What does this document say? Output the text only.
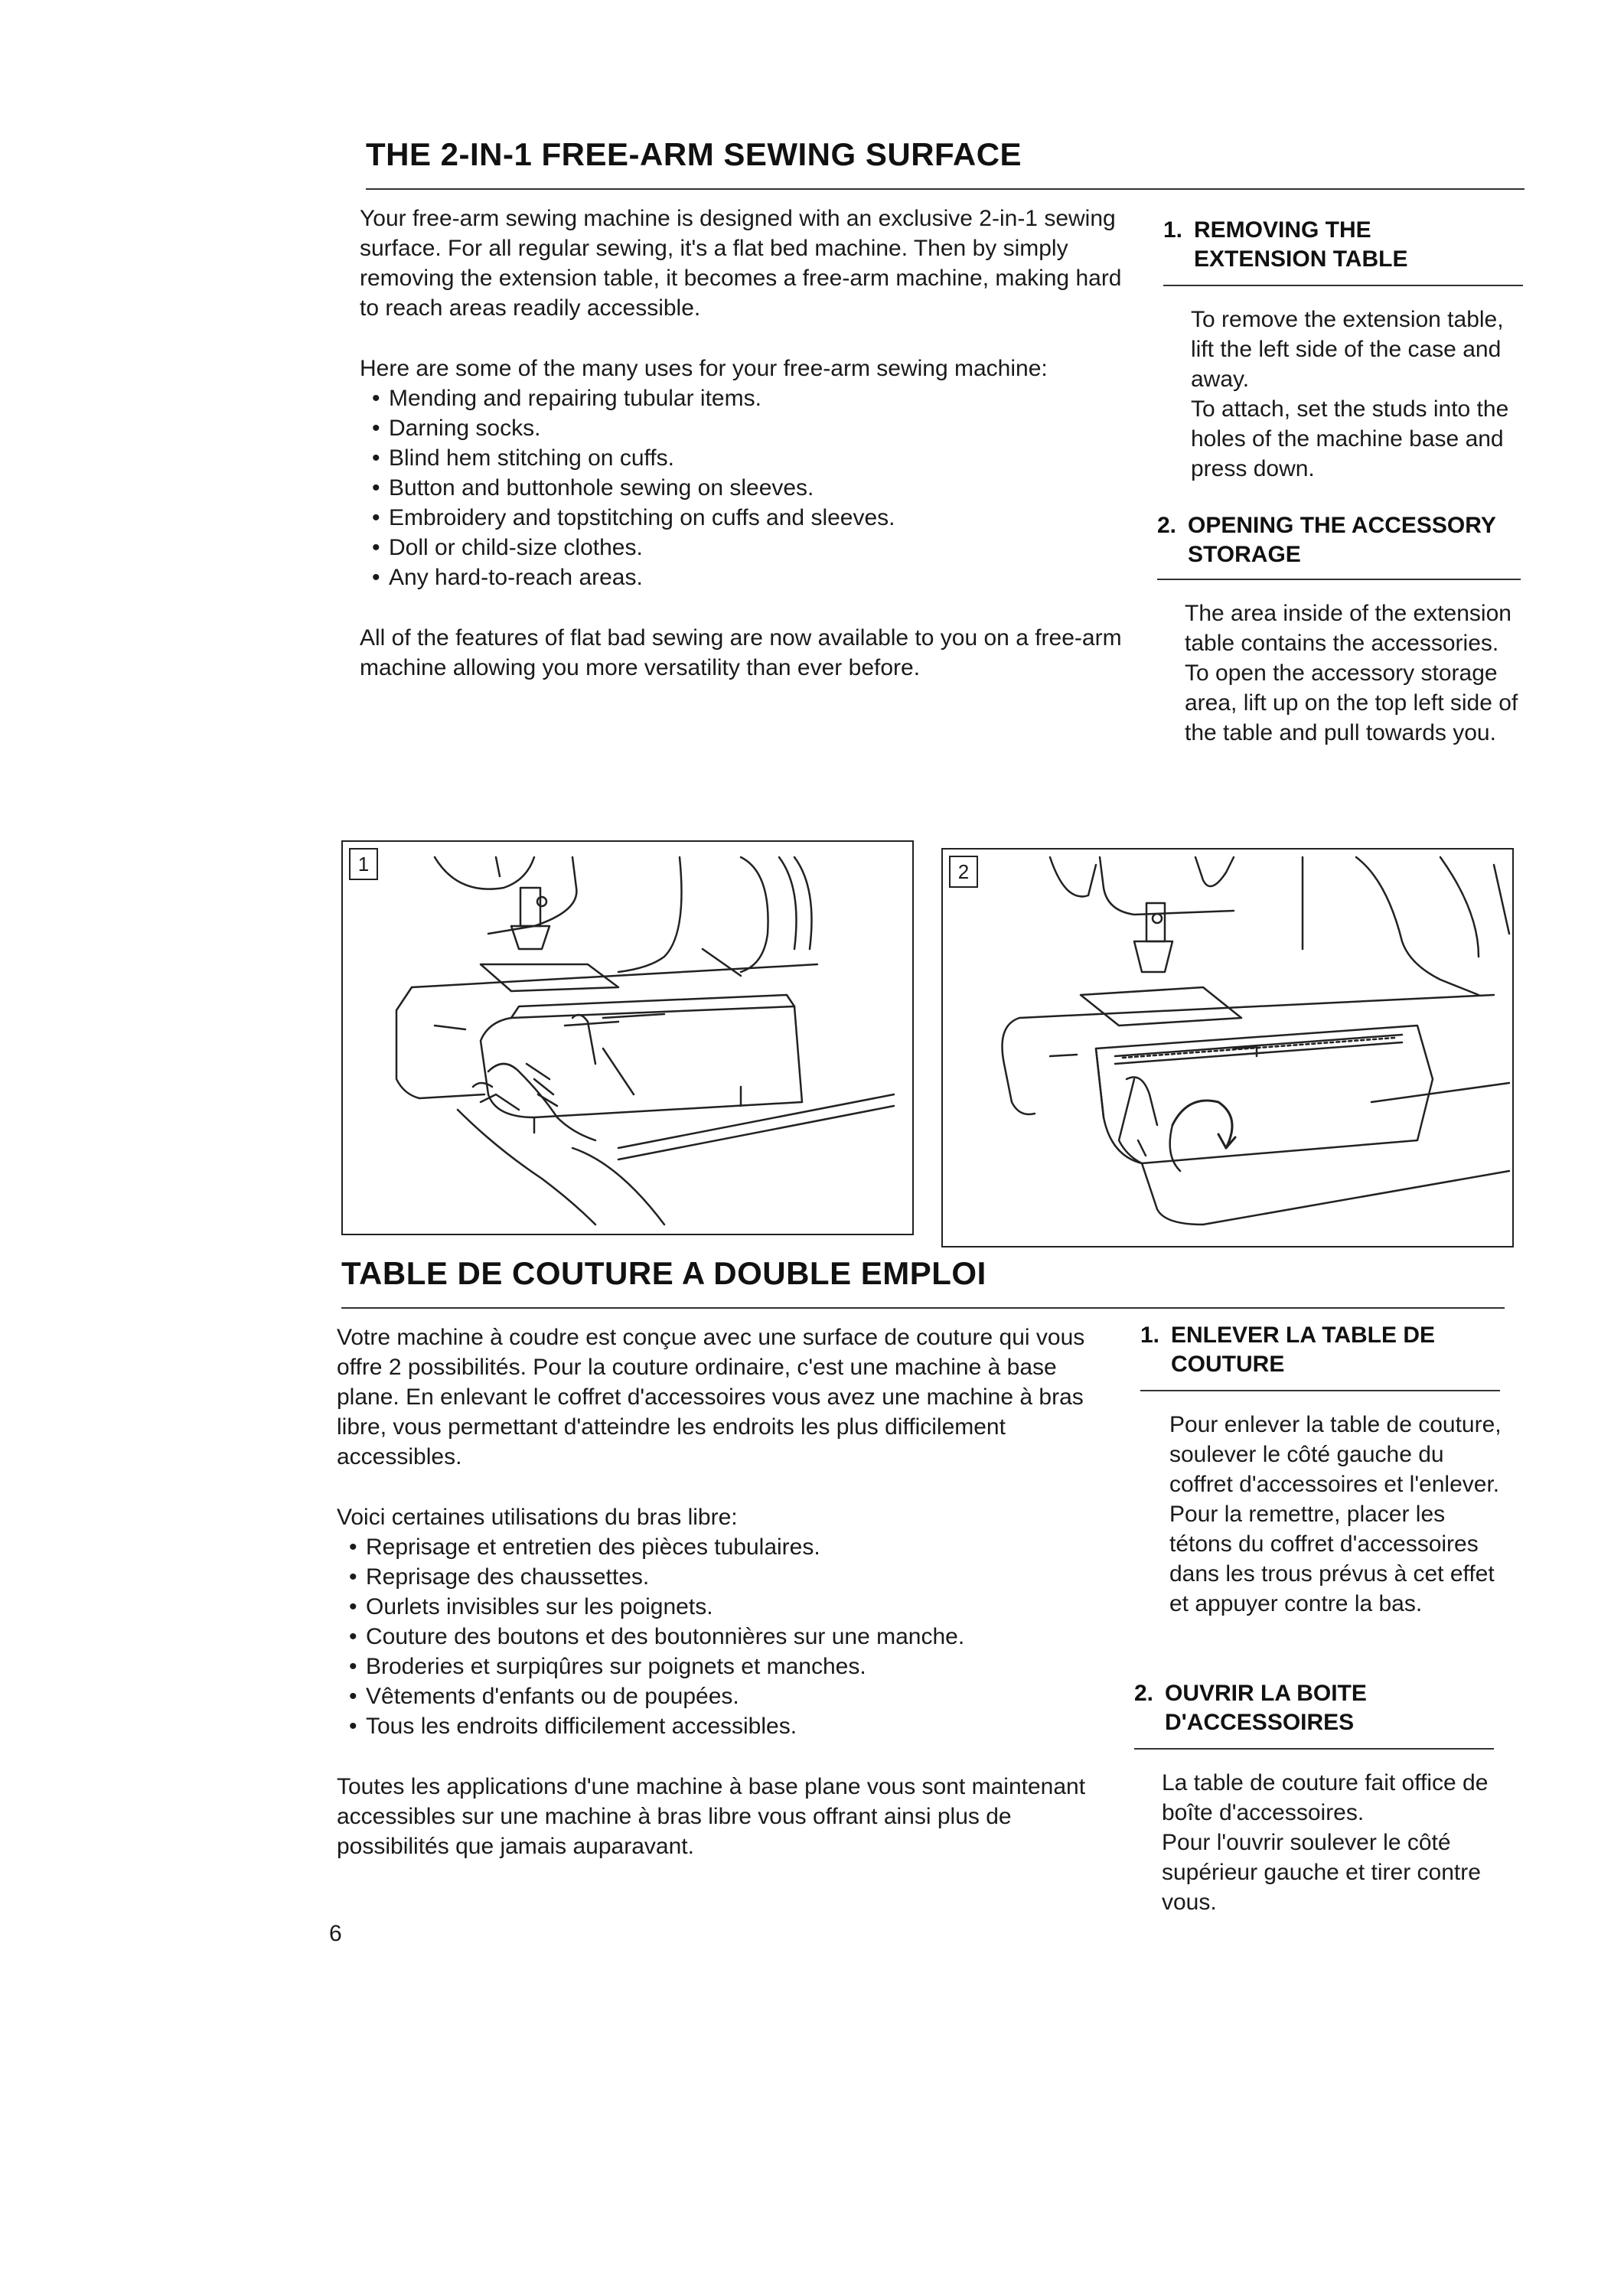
THE 2-IN-1 FREE-ARM SEWING SURFACE

Your free-arm sewing machine is designed with an exclusive 2-in-1 sewing surface. For all regular sewing, it's a flat bed machine. Then by simply removing the extension table, it becomes a free-arm machine, making hard to reach areas readily accessible.

Here are some of the many uses for your free-arm sewing machine:

• Mending and repairing tubular items.
• Darning socks.
• Blind hem stitching on cuffs.
• Button and buttonhole sewing on sleeves.
• Embroidery and topstitching on cuffs and sleeves.
• Doll or child-size clothes.
• Any hard-to-reach areas.

All of the features of flat bad sewing are now available to you on a free-arm machine allowing you more versatility than ever before.

1. REMOVING THE
EXTENSION TABLE

To remove the extension table, lift the left side of the case and away.

To attach, set the studs into the holes of the machine base and press down.

2. OPENING THE ACCESSORY
STORAGE

The area inside of the extension table contains the accessories.

To open the accessory storage area, lift up on the top left side of the table and pull towards you.

1	2
TABLE DE COUTURE A DOUBLE EMPLOI

Votre machine à coudre est conçue avec une surface de couture qui vous offre 2 possibilités. Pour la couture ordinaire, c'est une machine à base plane. En enlevant le coffret d'accessoires vous avez une machine à bras libre, vous permettant d'atteindre les endroits les plus difficilement accessibles.

Voici certaines utilisations du bras libre:

• Reprisage et entretien des pièces tubulaires.
• Reprisage des chaussettes.
• Ourlets invisibles sur les poignets.
• Couture des boutons et des boutonnières sur une manche.
• Broderies et surpiqûres sur poignets et manches.
• Vêtements d'enfants ou de poupées.
• Tous les endroits difficilement accessibles.

Toutes les applications d'une machine à base plane vous sont maintenant accessibles sur une machine à bras libre vous offrant ainsi plus de possibilités que jamais auparavant.

1. ENLEVER LA TABLE DE
COUTURE

Pour enlever la table de couture, soulever le côté gauche du coffret d'accessoires et l'enlever.

Pour la remettre, placer les tétons du coffret d'accessoires dans les trous prévus à cet effet et appuyer contre la bas.

2. OUVRIR LA BOITE
D'ACCESSOIRES

La table de couture fait office de boîte d'accessoires.

Pour l'ouvrir soulever le côté supérieur gauche et tirer contre vous.

6
